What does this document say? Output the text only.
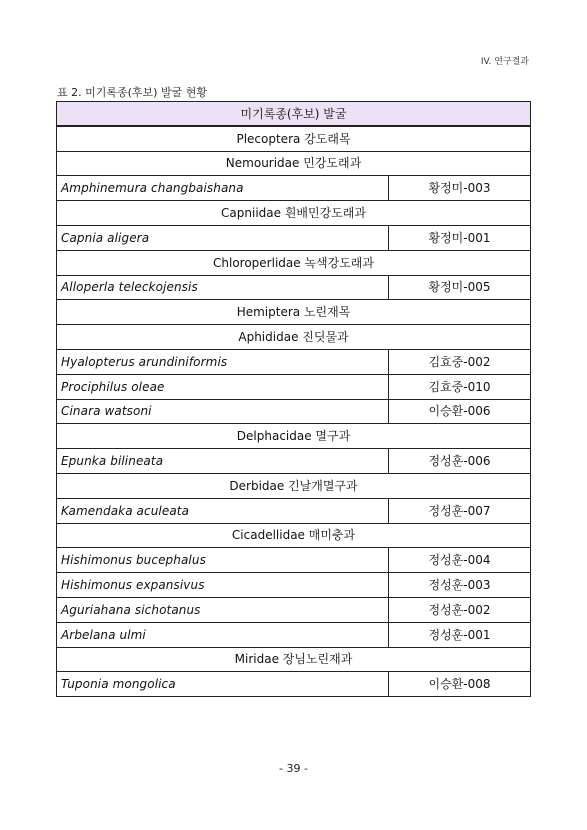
IV. 연구결과
표 2. 미기록종(후보) 발굴 현황
미기록종(후보) 발굴	
Plecoptera 강도래목	
Nemouridae 민강도래과	
Amphinemura changbaishana	황정미-003
Capniidae 흰배민강도래과	
Capnia aligera	황정미-001
Chloroperlidae 녹색강도래과	
Alloperla teleckojensis	황정미-005
Hemiptera 노린재목	
Aphididae 진딧물과	
Hyalopterus arundiniformis	김효중-002
Prociphilus oleae	김효중-010
Cinara watsoni	이승환-006
Delphacidae 멸구과	
Epunka bilineata	정성훈-006
Derbidae 긴날개멸구과	
Kamendaka aculeata	정성훈-007
Cicadellidae 매미충과	
Hishimonus bucephalus	정성훈-004
Hishimonus expansivus	정성훈-003
Aguriahana sichotanus	정성훈-002
Arbelana ulmi	정성훈-001
Miridae 장님노린재과	
Tuponia mongolica	이승환-008
- 39 -
